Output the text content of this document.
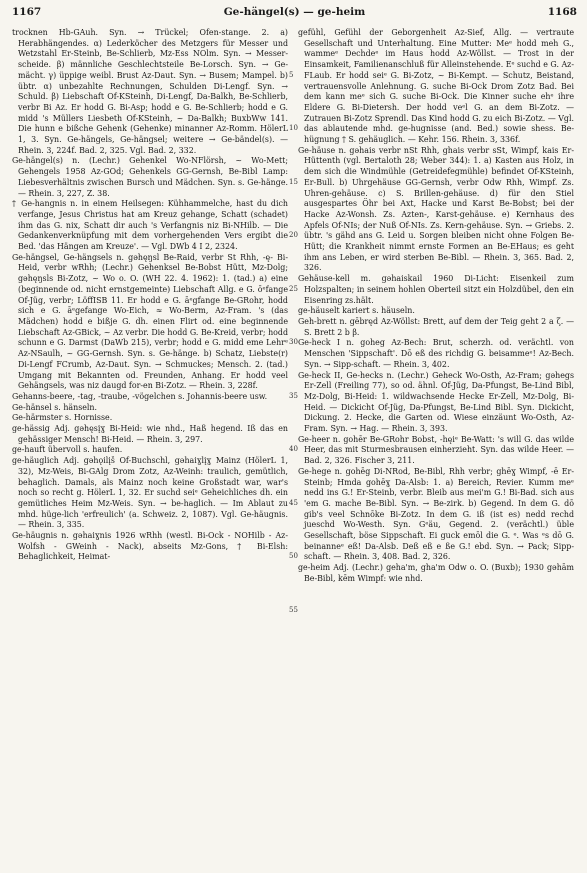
1167	Ge-hängel(s) — ge-heim	1168

trocknen Hb-GAuh. Syn. → Trückel; Ofen-stange. 2. a) Herabhängendes. α) Lederköcher des Metzgers für Messer und Wetzstahl Er-Steinb, Be-Schlierb, Mz-Ess NOlm. Syn. → Messer-scheide. β) männliche Geschlechtsteile Be-Lorsch. Syn. → Ge-mächt. γ) üppige weibl. Brust Az-Daut. Syn. → Busem; Mampel. b) übtr. α) unbezahlte Rechnungen, Schulden Di-Lengf. Syn. → Schuld. β) Liebschaft Of-KSteinh, Di-Lengf, Da-Balkh, Be-Schlierb, verbr Bi Az. Er hodd G. Bi-Asp; hodd e G. Be-Schlierb; hodd e G. midd 's Müllers Liesbeth Of-KSteinh, ~ Da-Balkh; BuxbWw 141. Die hunn e bißche Gehenk (Gehenke) minanner Az-Romm. HölerL 1, 3. Syn. Ge-hängels, Ge-hängsel; weitere → Ge-bändel(s). — Rhein. 3, 224f. Bad. 2, 325. Vgl. Bad. 2, 332.

Ge-hängel(s) n. (Lechr.) Gehenkel Wo-NFlörsh, ~ Wo-Mett; Gehengels 1958 Az-GOd; Gehenkels GG-Gernsh, Be-Bibl Lamp: Liebesverhältnis zwischen Bursch und Mädchen. Syn. s. Ge-hänge. — Rhein. 3, 227, Z. 38.

† Ge-hangnis n. in einem Heilsegen: Kühhammelche, hast du dich verfange, Jesus Christus hat am Kreuz gehange, Schatt (schadet) ihm das G. nix, Schatt dir auch 's Verfangnis niz Bi-NHilb. — Die Gedankenverknüpfung mit dem vorhergehenden Vers ergibt die Bed. 'das Hängen am Kreuze'. — Vgl. DWb 4 I 2, 2324.

Ge-hängsel, Ge-hängsels n. gəhęŋsl Be-Raid, verbr St Rhh, -ę- Bi-Heid, verbr wRhh; (Lechr.) Gehenksel Be-Bobst Hütt, Mz-Dolg; gəhęŋsls Bi-Zotz, ~ Wo o. O. (WH 22. 4. 1962): 1. (tad.) a) eine (beginnende od. nicht ernstgemeinte) Liebschaft Allg. e G. ōᵉfange Of-Jüg, verbr; LöffISB 11. Er hodd e G. āᵉgfange Be-GRohr, hodd sich e G. āᵉgefange Wo-Eich, ≈ Wo-Berm, Az-Fram. 's (das Mädchen) hodd e bißje G. dh. einen Flirt od. eine beginnende Liebschaft Az-GBick, ~ Az verbr. Die hodd G. Be-Kreid, verbr; hodd schunn e G. Darmst (DaWb 215), verbr; hodd e G. midd eme Lehrᵉ Az-NSaulh, ~ GG-Gernsh. Syn. s. Ge-hänge. b) Schatz, Liebste(r) Di-Lengf FCrumb, Az-Daut. Syn. → Schmuckes; Mensch. 2. (tad.) Umgang mit Bekannten od. Freunden, Anhang. Er hodd veel Gehängsels, was niz daugd for-en Bi-Zotz. — Rhein. 3, 228f.

Gehanns-beere, -tag, -traube, -vögelchen s. Johannis-beere usw.

Ge-hänsel s. hänseln.

Ge-härmster s. Hornisse.

ge-hässig Adj. gəhęsįɣ Bi-Heid: wie nhd., Haß hegend. Iß das en gehässiger Mensch! Bi-Heid. — Rhein. 3, 297.

ge-hauft übervoll s. haufen.

ge-häuglich Adj. gəhǫilįš Of-Buchschl, gəhaiɣlįɣ Mainz (HölerL 1, 32), Mz-Weis, Bi-GAlg Drom Zotz, Az-Weinh: traulich, gemütlich, behaglich. Damals, als Mainz noch keine Großstadt war, war's noch so recht g. HölerL 1, 32. Er suchd seiᵉ Geheichliches dh. ein gemütliches Heim Mz-Weis. Syn. → be-haglich. — Im Ablaut zu mhd. hüge-lich 'erfreulich' (a. Schweiz. 2, 1087). Vgl. Ge-häugnis. — Rhein. 3, 335.

Ge-häugnis n. gəhaiɣnis 1926 wRhh (westl. Bi-Ock - NOHilb - Az-Wolfsh - GWeinh - Nack), abseits Mz-Gons, † Bi-Elsh: Behaglichkeit, Heimat-

gefühl, Gefühl der Geborgenheit Az-Sief, Allg. — vertraute Gesellschaft und Unterhaltung. Eine Mutter: Meᵉ hodd meh G., wammeᵉ Dechdeᵉ im Haus hodd Az-Wöllst. — Trost in der Einsamkeit, Familienanschluß für Alleinstehende. Eᵉ suchd e G. Az-FLaub. Er hodd seiᵉ G. Bi-Zotz, ~ Bi-Kempt. — Schutz, Beistand, vertrauensvolle Anlehnung. G. suche Bi-Ock Drom Zotz Bad. Bei dem kann meᵉ sich G. suche Bi-Ock. Die Kinner suche ehᵉ ihre Eldere G. Bi-Dietersh. Der hodd veᵉl G. an dem Bi-Zotz. — Zutrauen Bi-Zotz Sprendl. Das Kind hodd G. zu eich Bi-Zotz. — Vgl. das ablautende mhd. ge-hugnisse (and. Bed.) sowie shess. Be-hügnung † S. gehäuglich. — Kehr. 156. Rhein. 3, 336f.

Ge-häuse n. gəhais verbr nSt Rhh, ghais verbr sSt, Wimpf, kais Er-Hüttenth (vgl. Bertaloth 28; Weber 344): 1. a) Kasten aus Holz, in dem sich die Windmühle (Getreidefegmühle) befindet Of-KSteinh, Er-Bull. b) Uhrgehäuse GG-Gernsh, verbr Odw Rhh, Wimpf. Zs. Uhren-gehäuse. c) S. Brillen-gehäuse. d) für den Stiel ausgespartes Öhr bei Axt, Hacke und Karst Be-Bobst; bei der Hacke Az-Wonsh. Zs. Azten-, Karst-gehäuse. e) Kernhaus des Apfels Of-NIs; der Nuß Of-NIs. Zs. Kern-gehäuse. Syn. → Griebs. 2. übtr. 's gähd ans G. Leid u. Sorgen bleiben nicht ohne Folgen Be-Hütt; die Krankheit nimmt ernste Formen an Be-EHaus; es geht ihm ans Leben, er wird sterben Be-Bibl. — Rhein. 3, 365. Bad. 2, 326.

Gehäuse-kell m. gəhaiskail 1960 Di-Licht: Eisenkeil zum Holzspalten; in seinem hohlen Oberteil sitzt ein Holzdübel, den ein Eisenring zs.hält.

ge-häuselt kariert s. häuseln.

Geh-brett n. gēbręd Az-Wöllst: Brett, auf dem der Teig geht 2 a ζ. — S. Brett 2 b β.

Ge-heck I n. goheg Az-Bech: Brut, scherzh. od. verächtl. von Menschen 'Sippschaft'. Dō eß des richdig G. beisammeᵉ! Az-Bech. Syn. → Sipp-schaft. — Rhein. 3, 402.

Ge-heck II, Ge-hecks n. (Lechr.) Geheck Wo-Osth, Az-Fram; gəhegs Er-Zell (Freiling 77), so od. ähnl. Of-Jüg, Da-Pfungst, Be-Lind Bibl, Mz-Dolg, Bi-Heid: 1. wildwachsende Hecke Er-Zell, Mz-Dolg, Bi-Heid. — Dickicht Of-Jüg, Da-Pfungst, Be-Lind Bibl. Syn. Dickicht, Dickung. 2. Hecke, die Garten od. Wiese einzäunt Wo-Osth, Az-Fram. Syn. → Hag. — Rhein. 3, 393.

Ge-heer n. gohēr Be-GRohr Bobst, -hęiᵉ Be-Watt: 's will G. das wilde Heer, das mit Sturmesbrausen einherzieht. Syn. das wilde Heer. — Bad. 2, 326. Fischer 3, 211.

Ge-hege n. gohēg Di-NRod, Be-Bibl, Rhh verbr; ghēɣ Wimpf, -ē Er-Steinb; Hmda gohēɣ Da-Alsb: 1. a) Bereich, Revier. Kumm meᵉ nedd ins G.! Er-Steinb, verbr. Bleib aus mei'm G.! Bi-Bad. sich aus 'em G. mache Be-Bibl. Syn. → Be-zirk. b) Gegend. In dem G. dō gib's veel Schnōke Bi-Zotz. In dem G. iß (ist es) nedd rechd jueschd Wo-Westh. Syn. Gᵉäu, Gegend. 2. (verächtl.) üble Gesellschaft, böse Sippschaft. Ei guck emōl die G. ᵉ. Was ᵉs dō G. beinanneᵉ eß! Da-Alsb. Deß eß e ße G.! ebd. Syn. → Pack; Sipp-schaft. — Rhein. 3, 408. Bad. 2, 326.

ge-heim Adj. (Lechr.) geha'm, gha'm Odw o. O. (Buxb); 1930 gəhām Be-Bibl, kēm Wimpf: wie nhd.

5
10
15
20
25
30
35
40
45
50
55
